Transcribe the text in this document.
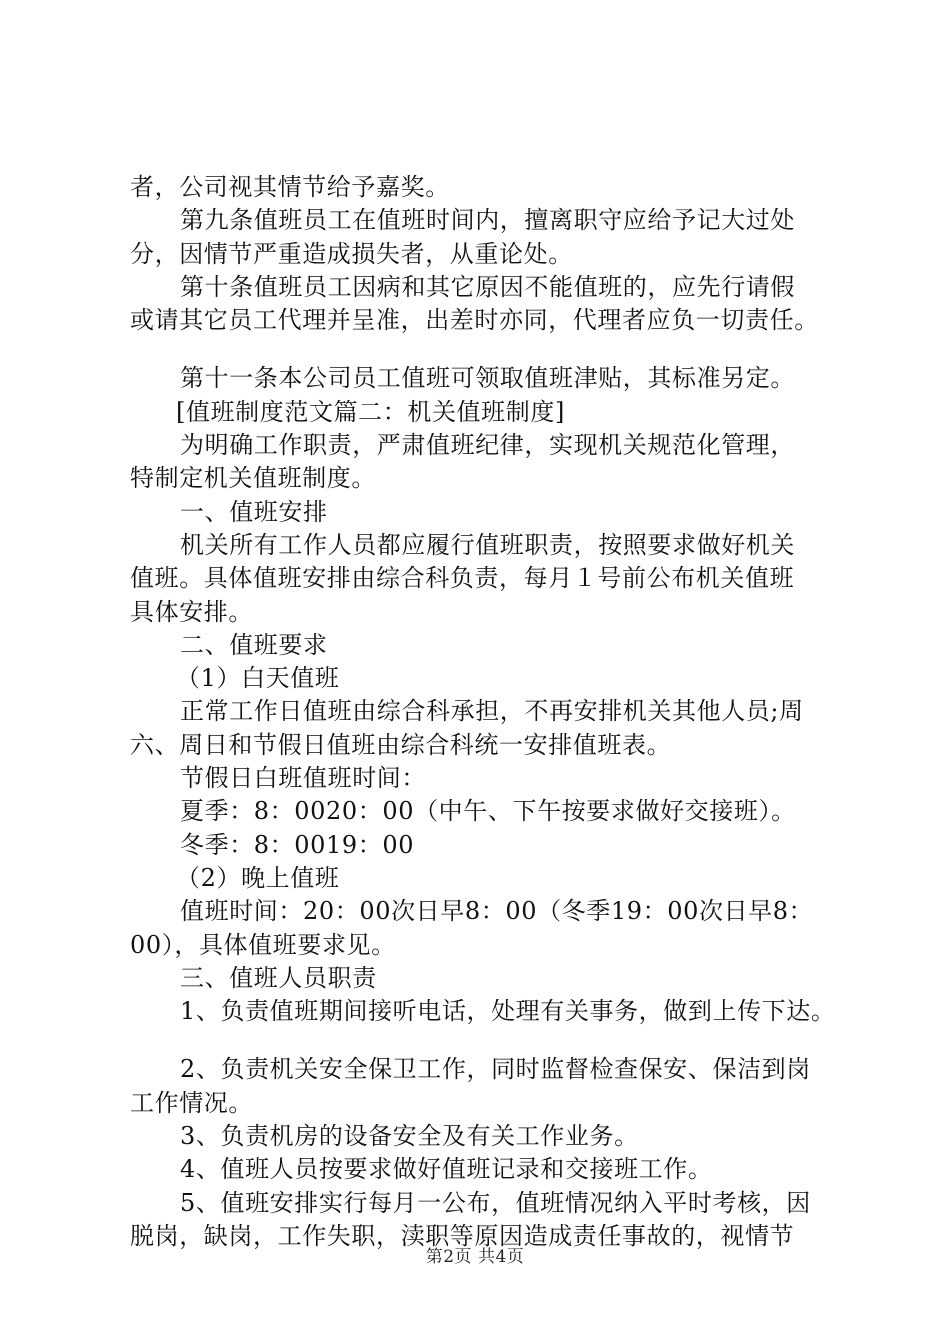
者，公司视其情节给予嘉奖。
第九条值班员工在值班时间内，擅离职守应给予记大过处
分，因情节严重造成损失者，从重论处。
第十条值班员工因病和其它原因不能值班的，应先行请假
或请其它员工代理并呈准，出差时亦同，代理者应负一切责任。
第十一条本公司员工值班可领取值班津贴，其标准另定。
[值班制度范文篇二：机关值班制度]
为明确工作职责，严肃值班纪律，实现机关规范化管理，
特制定机关值班制度。
一、值班安排
机关所有工作人员都应履行值班职责，按照要求做好机关
值班。具体值班安排由综合科负责，每月１号前公布机关值班
具体安排。
二、值班要求
（1）白天值班
正常工作日值班由综合科承担，不再安排机关其他人员;周
六、周日和节假日值班由综合科统一安排值班表。
节假日白班值班时间：
夏季：8：0020：00（中午、下午按要求做好交接班）。
冬季：8：0019：00
（2）晚上值班
值班时间：20：00次日早8：00（冬季19：00次日早8：
00），具体值班要求见。
三、值班人员职责
1、负责值班期间接听电话，处理有关事务，做到上传下达。
2、负责机关安全保卫工作，同时监督检查保安、保洁到岗
工作情况。
3、负责机房的设备安全及有关工作业务。
4、值班人员按要求做好值班记录和交接班工作。
5、值班安排实行每月一公布，值班情况纳入平时考核，因
脱岗，缺岗，工作失职，渎职等原因造成责任事故的，视情节
第2页 共4页
